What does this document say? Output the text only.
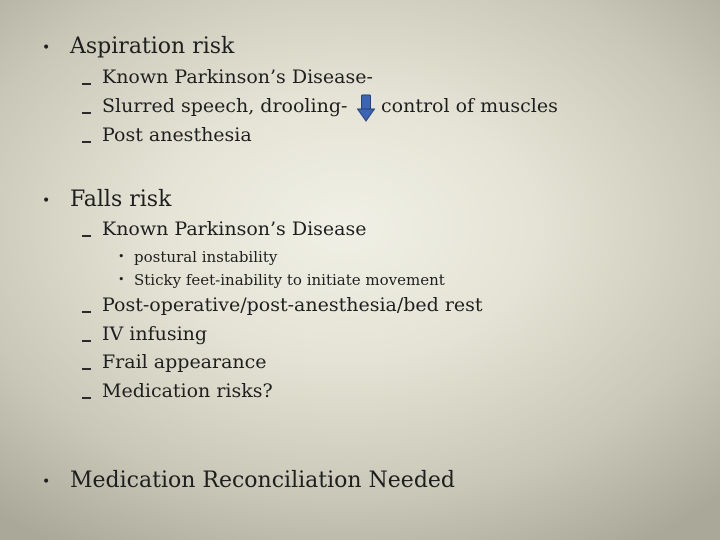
• Aspiration risk
Known Parkinson’s Disease-
Slurred speech, drooling- control of muscles
Post anesthesia
• Falls risk
Known Parkinson’s Disease
• postural instability
• Sticky feet-inability to initiate movement
Post-operative/post-anesthesia/bed rest
IV infusing
Frail appearance
Medication risks?
• Medication Reconciliation Needed
